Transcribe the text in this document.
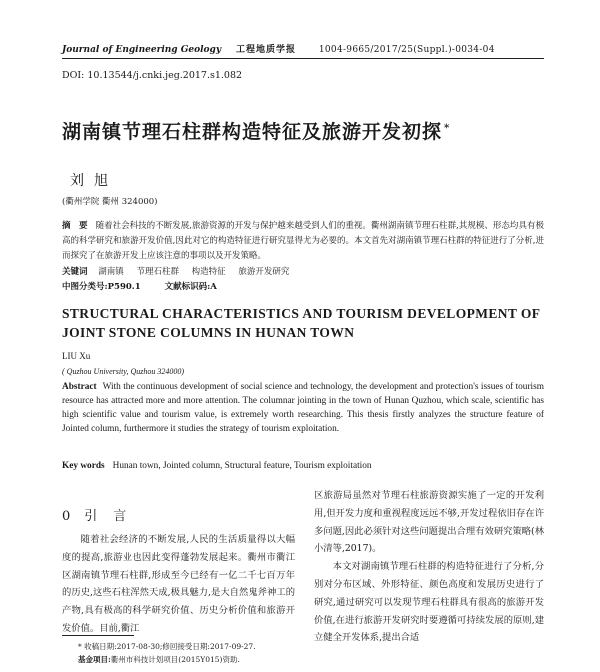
Journal of Engineering Geology 工程地质学报	1004-9665/2017/25(Suppl.)-0034-04
DOI: 10.13544/j.cnki.jeg.2017.s1.082
湖南镇节理石柱群构造特征及旅游开发初探 *
刘旭
(衢州学院 衢州 324000)
摘　要 随着社会科技的不断发展,旅游资源的开发与保护越来越受到人们的重视。衢州湖南镇节理石柱群,其规模、形态均具有极高的科学研究和旅游开发价值,因此对它的构造特征进行研究显得尤为必要的。本文首先对湖南镇节理石柱群的特征进行了分析,进而探究了在旅游开发上应该注意的事项以及开发策略。
关键词 湖南镇 节理石柱群 构造特征 旅游开发研究
中图分类号:P590.1	文献标识码:A
STRUCTURAL CHARACTERISTICS AND TOURISM DEVELOPMENT OF JOINT STONE COLUMNS IN HUNAN TOWN
LIU Xu
( Quzhou University, Quzhou 324000)
Abstract With the continuous development of social science and technology, the development and protection's issues of tourism resource has attracted more and more attention. The columnar jointing in the town of Hunan Quzhou, which scale, scientific has high scientific value and tourism value, is extremely worth researching. This thesis firstly analyzes the structure feature of Jointed column, furthermore it studies the strategy of tourism exploitation.
Key words Hunan town, Jointed column, Structural feature, Tourism exploitation
0 引言

随着社会经济的不断发展,人民的生活质量得以大幅度的提高,旅游业也因此变得蓬勃发展起来。衢州市衢江区湖南镇节理石柱群,形成至今已经有一亿二千七百万年的历史,这些石柱浑然天成,极具魅力,是大自然鬼斧神工的产物,具有极高的科学研究价值、历史分析价值和旅游开发价值。目前,衢江

区旅游局虽然对节理石柱旅游资源实施了一定的开发利用,但开发力度和重视程度远远不够,开发过程依旧存在许多问题,因此必须针对这些问题提出合理有效研究策略(林小清等,2017)。

本文对湖南镇节理石柱群的构造特征进行了分析,分别对分布区域、外形特征、颜色高度和发展历史进行了研究,通过研究可以发现节理石柱群具有很高的旅游开发价值,在进行旅游开发研究时要遵循可持续发展的原则,建立健全开发体系,提出合适

* 收稿日期:2017-08-30;修回接受日期:2017-09-27.
基金项目:衢州市科技计划项目(2015Y015)资助.
